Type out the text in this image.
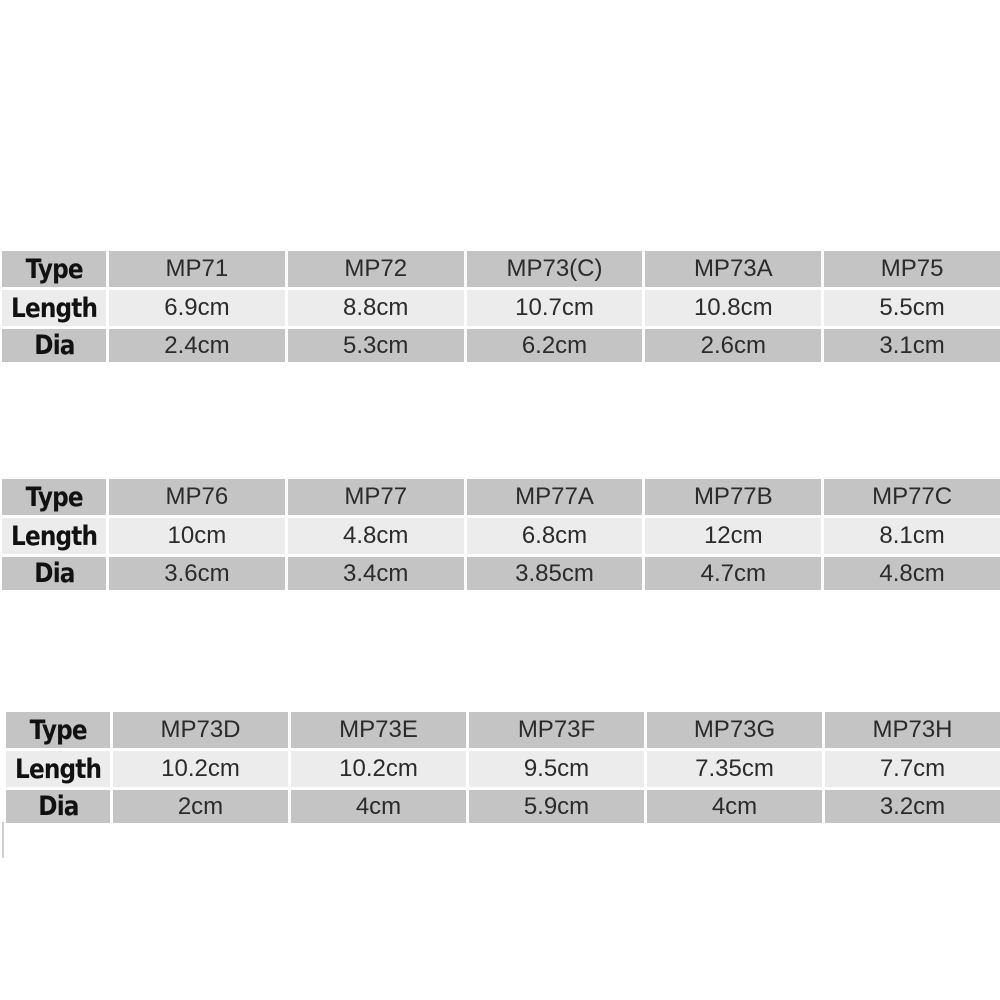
Type	MP71	MP72	MP73(C)	MP73A	MP75
Length	6.9cm	8.8cm	10.7cm	10.8cm	5.5cm
Dia	2.4cm	5.3cm	6.2cm	2.6cm	3.1cm
Type	MP76	MP77	MP77A	MP77B	MP77C
Length	10cm	4.8cm	6.8cm	12cm	8.1cm
Dia	3.6cm	3.4cm	3.85cm	4.7cm	4.8cm
Type	MP73D	MP73E	MP73F	MP73G	MP73H
Length	10.2cm	10.2cm	9.5cm	7.35cm	7.7cm
Dia	2cm	4cm	5.9cm	4cm	3.2cm
